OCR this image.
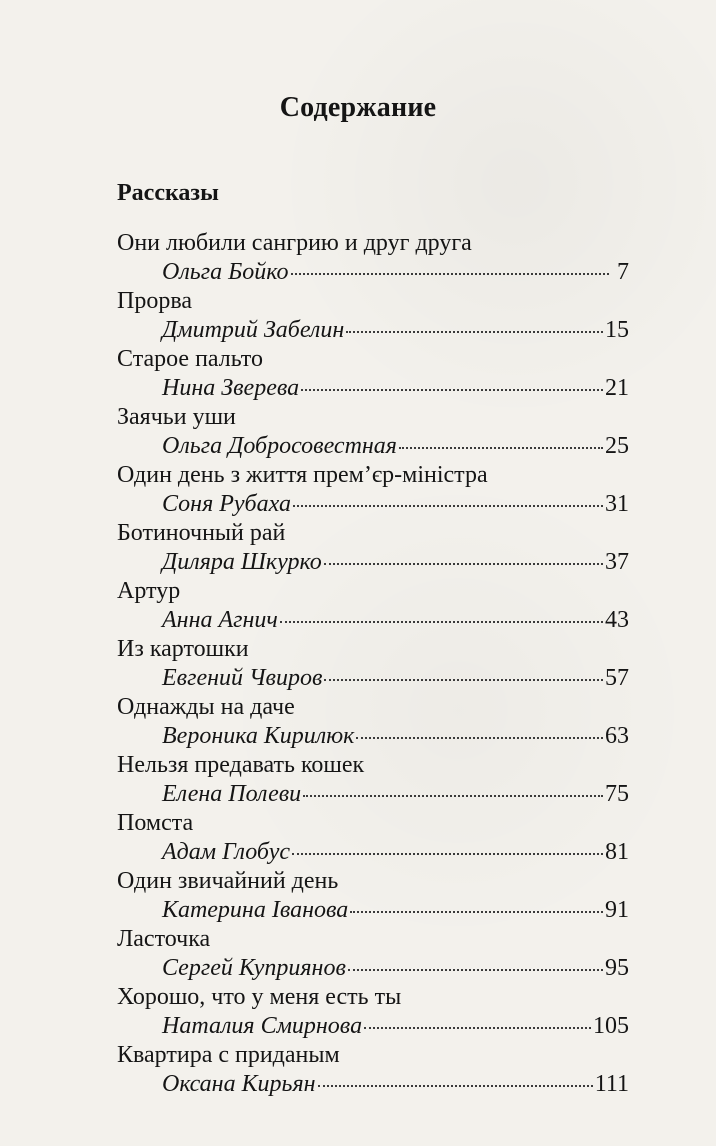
Содержание
Рассказы
Они любили сангрию и друг друга
Ольга Бойко	7
Прорва
Дмитрий Забелин	15
Старое пальто
Нина Зверева	21
Заячьи уши
Ольга Добросовестная	25
Один день з життя прем’єр-міністра
Соня Рубаха	31
Ботиночный рай
Диляра Шкурко	37
Артур
Анна Агнич	43
Из картошки
Евгений Чвиров	57
Однажды на даче
Вероника Кирилюк	63
Нельзя предавать кошек
Елена Полеви	75
Помста
Адам Глобус	81
Один звичайний день
Катерина Іванова	91
Ласточка
Сергей Куприянов	95
Хорошо, что у меня есть ты
Наталия Смирнова	105
Квартира с приданым
Оксана Кирьян	111
